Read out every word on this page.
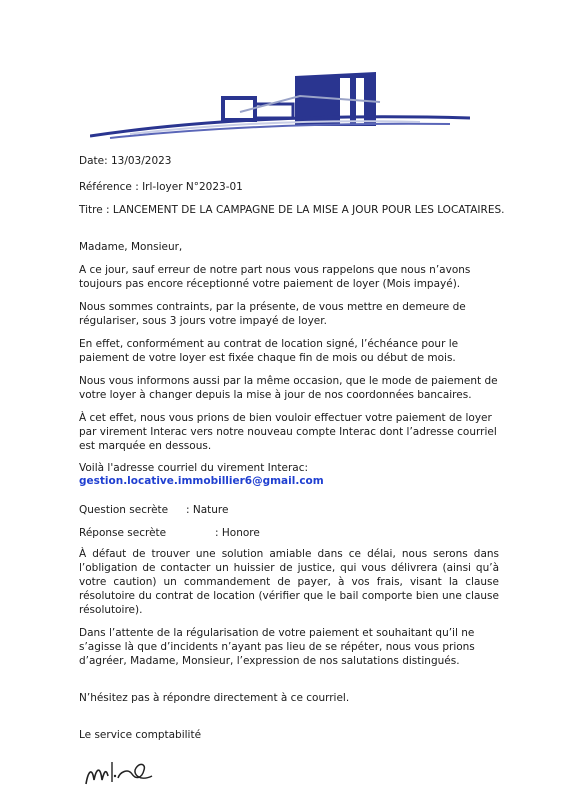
Date: 13/03/2023
Référence : Irl-loyer N°2023-01
Titre : LANCEMENT DE LA CAMPAGNE DE LA MISE A JOUR POUR LES LOCATAIRES.
Madame, Monsieur,
A ce jour, sauf erreur de notre part nous vous rappelons que nous n’avons toujours pas encore réceptionné votre paiement de loyer (Mois impayé).
Nous sommes contraints, par la présente, de vous mettre en demeure de régulariser, sous 3 jours votre impayé de loyer.
En effet, conformément au contrat de location signé, l’échéance pour le paiement de votre loyer est fixée chaque fin de mois ou début de mois.
Nous vous informons aussi par la même occasion, que le mode de paiement de votre loyer à changer depuis la mise à jour de nos coordonnées bancaires.
À cet effet, nous vous prions de bien vouloir effectuer votre paiement de loyer par virement Interac vers notre nouveau compte Interac dont l’adresse courriel est marquée en dessous.
Voilà l'adresse courriel du virement Interac:
gestion.locative.immobillier6@gmail.com
Question secrète : Nature
Réponse secrète	: Honore
À défaut de trouver une solution amiable dans ce délai, nous serons dans l’obligation de contacter un huissier de justice, qui vous délivrera (ainsi qu’à votre caution) un commandement de payer, à vos frais, visant la clause résolutoire du contrat de location (vérifier que le bail comporte bien une clause résolutoire).
Dans l’attente de la régularisation de votre paiement et souhaitant qu’il ne s’agisse là que d’incidents n’ayant pas lieu de se répéter, nous vous prions d’agréer, Madame, Monsieur, l’expression de nos salutations distingués.
N’hésitez pas à répondre directement à ce courriel.
Le service comptabilité
